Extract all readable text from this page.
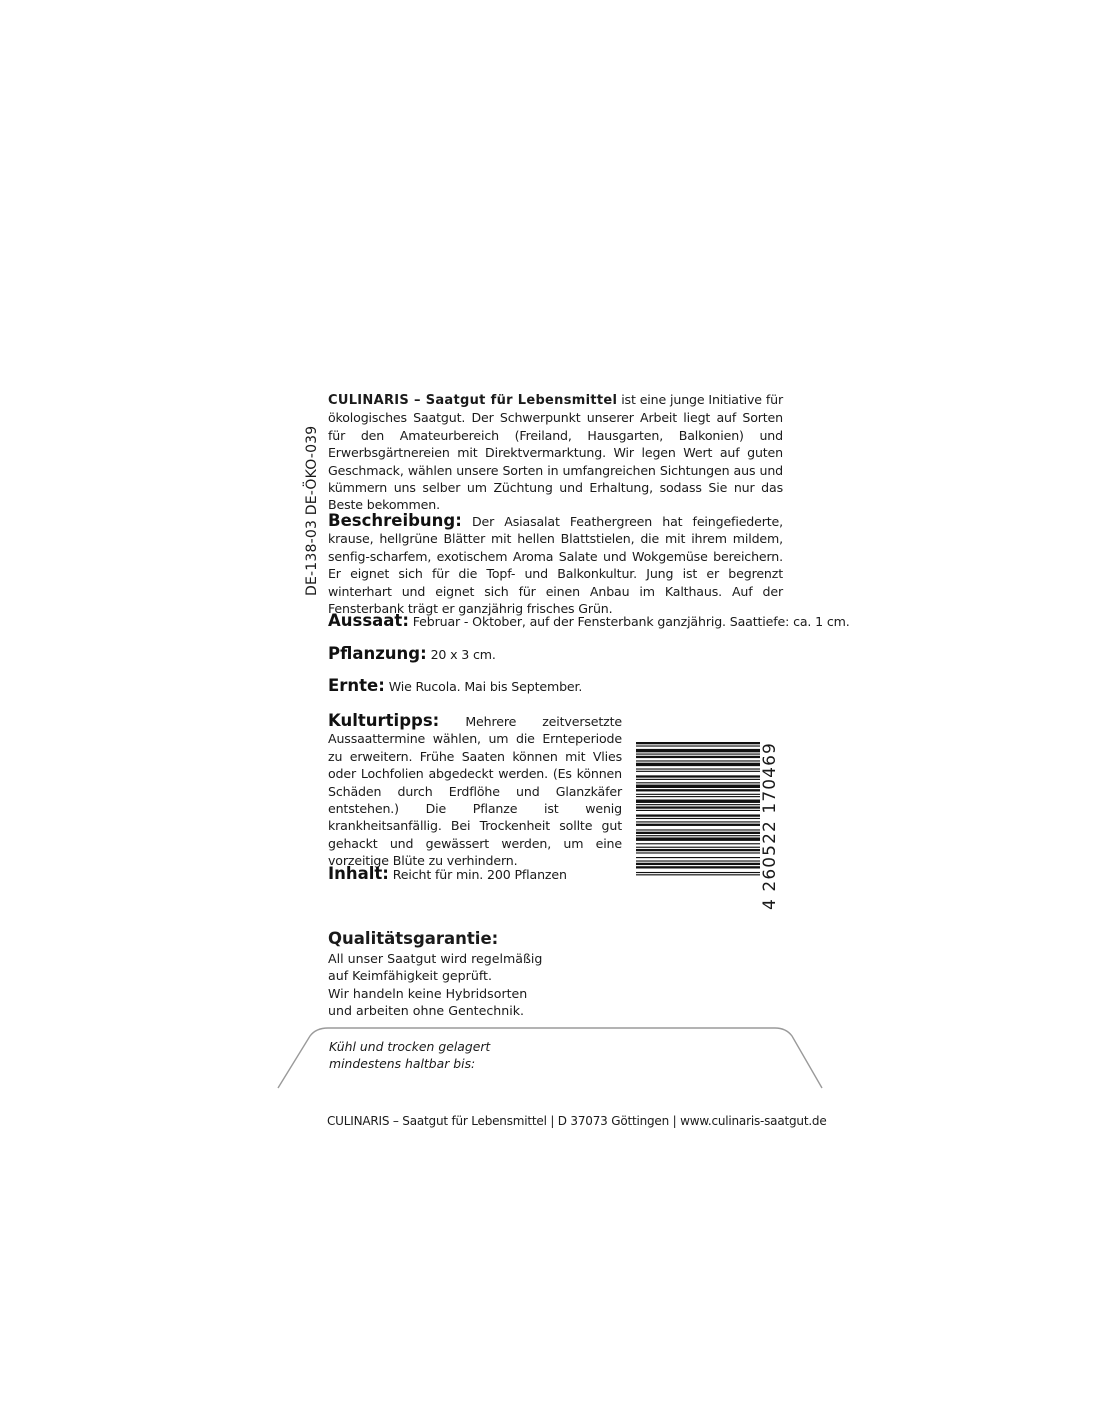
DE-138-03 DE-ÖKO-039
CULINARIS – Saatgut für Lebensmittel ist eine junge Initiative für ökologisches Saatgut. Der Schwerpunkt unserer Arbeit liegt auf Sorten für den Amateurbereich (Freiland, Hausgarten, Balkonien) und Erwerbsgärtnereien mit Direktvermarktung. Wir legen Wert auf guten Geschmack, wählen unsere Sorten in umfangreichen Sichtungen aus und kümmern uns selber um Züchtung und Erhaltung, sodass Sie nur das Beste bekommen.
Beschreibung: Der Asiasalat Feathergreen hat feingefiederte, krause, hellgrüne Blätter mit hellen Blattstielen, die mit ihrem mildem, senfig-scharfem, exotischem Aroma Salate und Wokgemüse bereichern. Er eignet sich für die Topf- und Balkonkultur. Jung ist er begrenzt winterhart und eignet sich für einen Anbau im Kalthaus. Auf der Fensterbank trägt er ganzjährig frisches Grün.
Aussaat: Februar - Oktober, auf der Fensterbank ganzjährig. Saattiefe: ca. 1 cm.
Pflanzung: 20 x 3 cm.
Ernte: Wie Rucola. Mai bis September.
Kulturtipps: Mehrere zeitversetzte Aussaattermine wählen, um die Ernteperiode zu erweitern. Frühe Saaten können mit Vlies oder Lochfolien abgedeckt werden. (Es können Schäden durch Erdflöhe und Glanzkäfer entstehen.) Die Pflanze ist wenig krankheitsanfällig. Bei Trockenheit sollte gut gehackt und gewässert werden, um eine vorzeitige Blüte zu verhindern.
Inhalt: Reicht für min. 200 Pflanzen	4 260522 170469
Qualitätsgarantie:
All unser Saatgut wird regelmäßig
auf Keimfähigkeit geprüft.
Wir handeln keine Hybridsorten
und arbeiten ohne Gentechnik.
Kühl und trocken gelagert
mindestens haltbar bis:
CULINARIS – Saatgut für Lebensmittel | D 37073 Göttingen | www.culinaris-saatgut.de
